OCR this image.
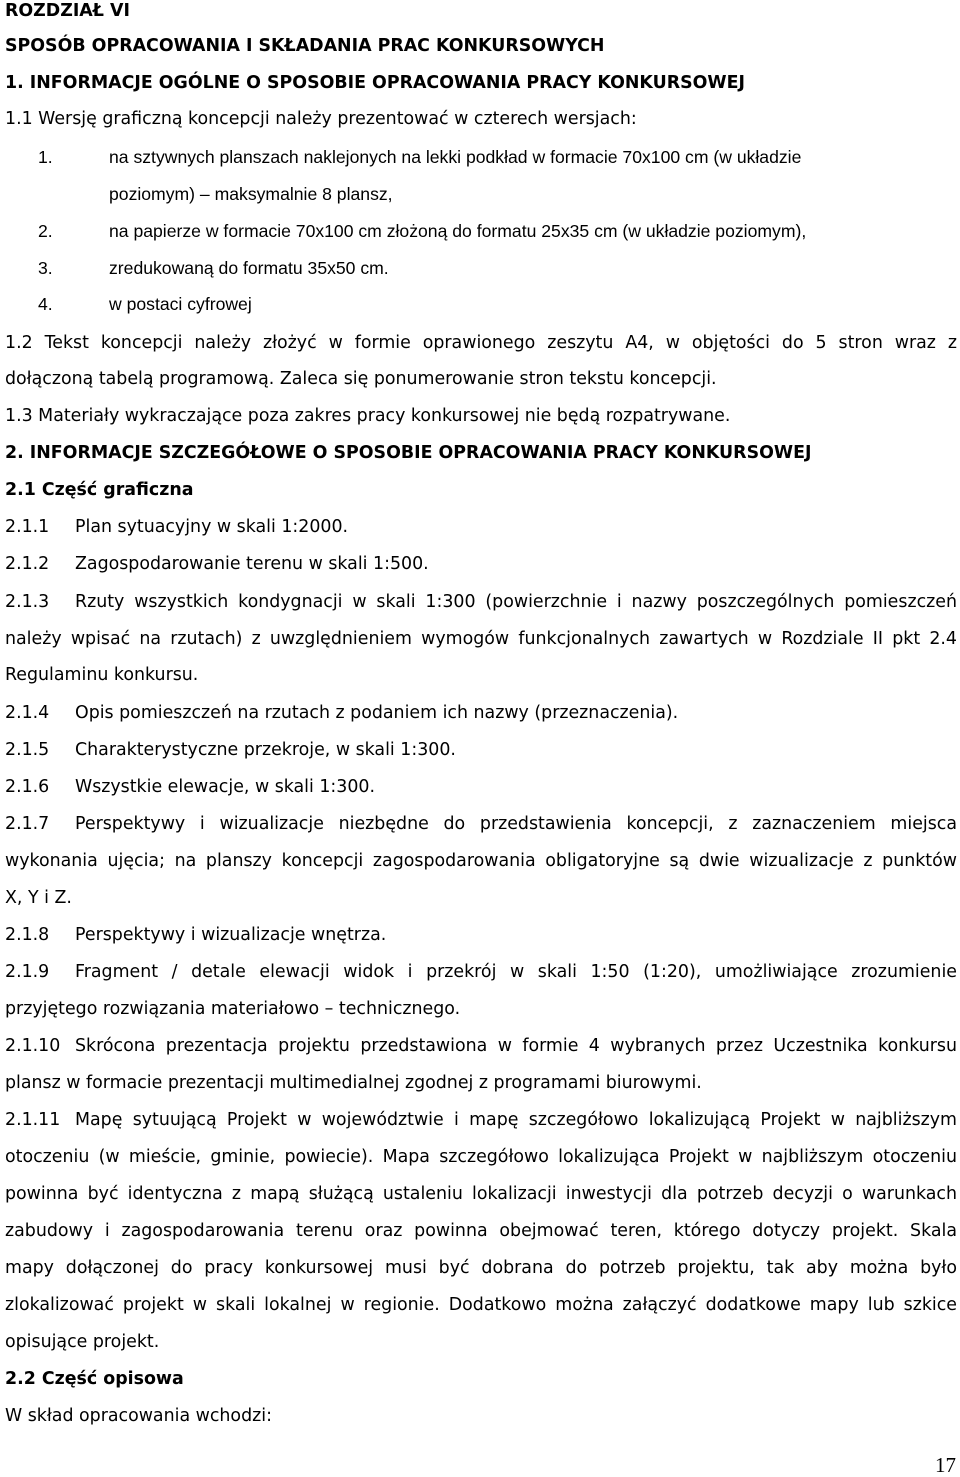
ROZDZIAŁ VI
SPOSÓB OPRACOWANIA I SKŁADANIA PRAC KONKURSOWYCH
1. INFORMACJE OGÓLNE O SPOSOBIE OPRACOWANIA PRACY KONKURSOWEJ
1.1 Wersję graficzną koncepcji należy prezentować w czterech wersjach:
1.	na sztywnych planszach naklejonych na lekki podkład w formacie 70x100 cm (w układzie
poziomym) – maksymalnie 8 plansz,
2.	na papierze w formacie 70x100 cm złożoną do formatu 25x35 cm (w układzie poziomym),
3.	zredukowaną do formatu 35x50 cm.
4.	w postaci cyfrowej
1.2 Tekst koncepcji należy złożyć w formie oprawionego zeszytu A4, w objętości do 5 stron wraz z
dołączoną tabelą programową. Zaleca się ponumerowanie stron tekstu koncepcji.
1.3 Materiały wykraczające poza zakres pracy konkursowej nie będą rozpatrywane.
2. INFORMACJE SZCZEGÓŁOWE O SPOSOBIE OPRACOWANIA PRACY KONKURSOWEJ
2.1 Część graficzna
2.1.1 Plan sytuacyjny w skali 1:2000.
2.1.2 Zagospodarowanie terenu w skali 1:500.
2.1.3 Rzuty wszystkich kondygnacji w skali 1:300 (powierzchnie i nazwy poszczególnych pomieszczeń
należy wpisać na rzutach) z uwzględnieniem wymogów funkcjonalnych zawartych w Rozdziale II pkt 2.4
Regulaminu konkursu.
2.1.4 Opis pomieszczeń na rzutach z podaniem ich nazwy (przeznaczenia).
2.1.5 Charakterystyczne przekroje, w skali 1:300.
2.1.6 Wszystkie elewacje, w skali 1:300.
2.1.7 Perspektywy i wizualizacje niezbędne do przedstawienia koncepcji, z zaznaczeniem miejsca
wykonania ujęcia; na planszy koncepcji zagospodarowania obligatoryjne są dwie wizualizacje z punktów
X, Y i Z.
2.1.8 Perspektywy i wizualizacje wnętrza.
2.1.9 Fragment / detale elewacji widok i przekrój w skali 1:50 (1:20), umożliwiające zrozumienie
przyjętego rozwiązania materiałowo – technicznego.
2.1.10 Skrócona prezentacja projektu przedstawiona w formie 4 wybranych przez Uczestnika konkursu
plansz w formacie prezentacji multimedialnej zgodnej z programami biurowymi.
2.1.11 Mapę sytuującą Projekt w województwie i mapę szczegółowo lokalizującą Projekt w najbliższym
otoczeniu (w mieście, gminie, powiecie). Mapa szczegółowo lokalizująca Projekt w najbliższym otoczeniu
powinna być identyczna z mapą służącą ustaleniu lokalizacji inwestycji dla potrzeb decyzji o warunkach
zabudowy i zagospodarowania terenu oraz powinna obejmować teren, którego dotyczy projekt. Skala
mapy dołączonej do pracy konkursowej musi być dobrana do potrzeb projektu, tak aby można było
zlokalizować projekt w skali lokalnej w regionie. Dodatkowo można załączyć dodatkowe mapy lub szkice
opisujące projekt.
2.2 Część opisowa
W skład opracowania wchodzi:
17
